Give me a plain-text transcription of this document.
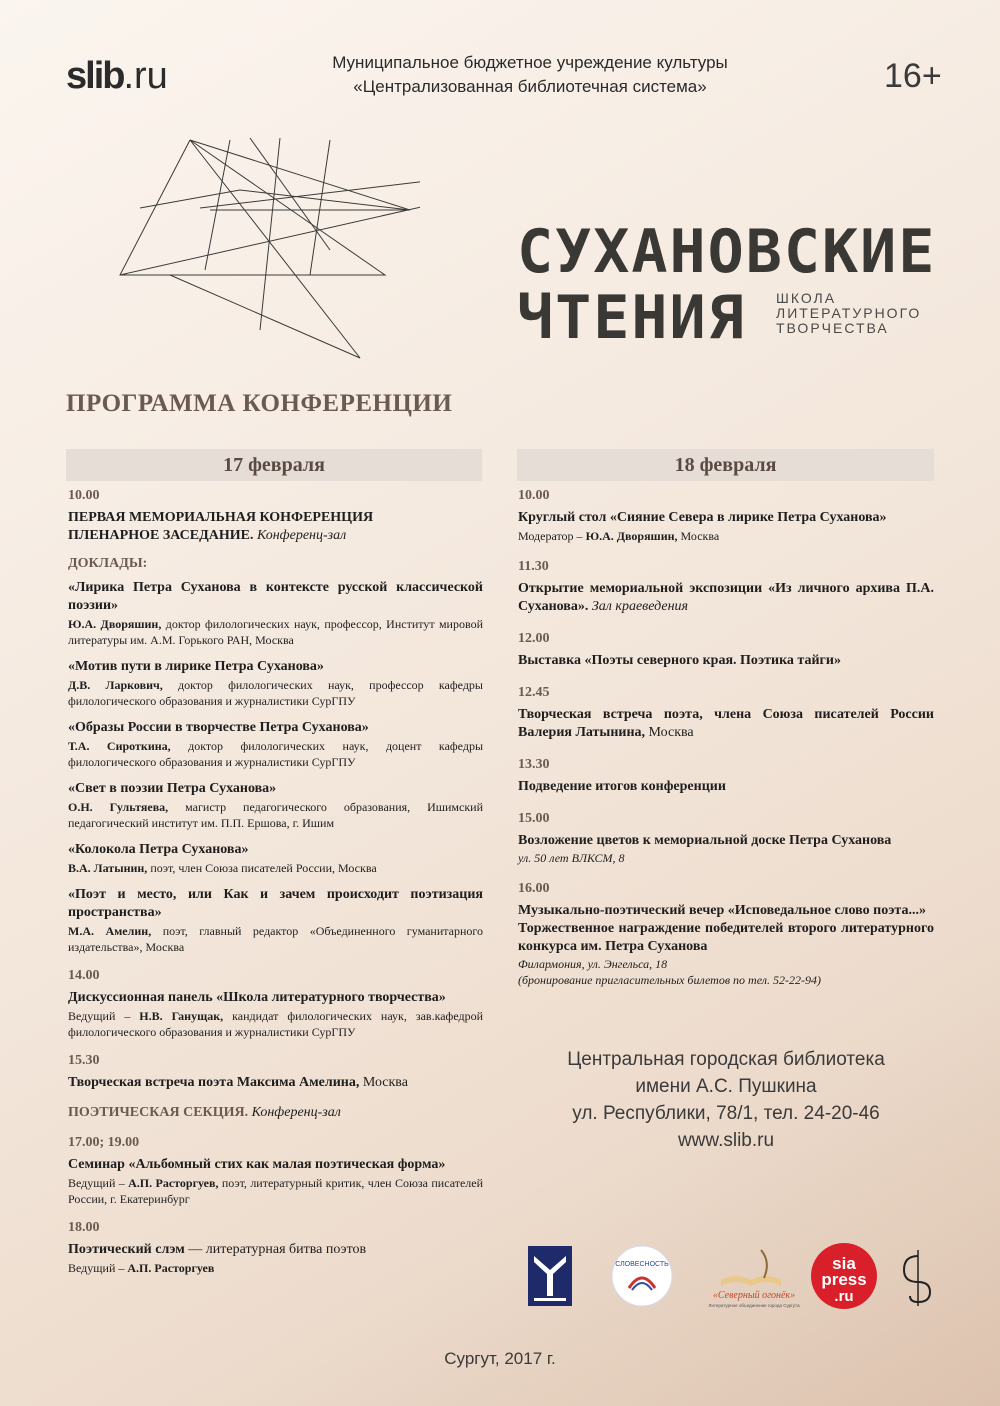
slib .ru	Муниципальное бюджетное учреждение культуры
«Централизованная библиотечная система»	16+
СУХАНОВСКИЕ
ЧТЕНИЯ ШКОЛА
ЛИТЕРАТУРНОГО
ТВОРЧЕСТВА
ПРОГРАММА КОНФЕРЕНЦИИ
17 февраля	18 февраля
10.00
ПЕРВАЯ МЕМОРИАЛЬНАЯ КОНФЕРЕНЦИЯ
ПЛЕНАРНОЕ ЗАСЕДАНИЕ. Конференц-зал
ДОКЛАДЫ:
«Лирика Петра Суханова в контексте русской классической поэзии»
Ю.А. Дворяшин, доктор филологических наук, профессор, Институт мировой литературы им. А.М. Горького РАН, Москва
«Мотив пути в лирике Петра Суханова»
Д.В. Ларкович, доктор филологических наук, профессор кафедры филологического образования и журналистики СурГПУ
«Образы России в творчестве Петра Суханова»
Т.А. Сироткина, доктор филологических наук, доцент кафедры филологического образования и журналистики СурГПУ
«Свет в поэзии Петра Суханова»
О.Н. Гультяева, магистр педагогического образования, Ишимский педагогический институт им. П.П. Ершова, г. Ишим
«Колокола Петра Суханова»
В.А. Латынин, поэт, член Союза писателей России, Москва
«Поэт и место, или Как и зачем происходит поэтизация пространства»
М.А. Амелин, поэт, главный редактор «Объединенного гуманитарного издательства», Москва
14.00
Дискуссионная панель «Школа литературного творчества»
Ведущий – Н.В. Ганущак, кандидат филологических наук, зав.кафедрой филологического образования и журналистики СурГПУ
15.30
Творческая встреча поэта Максима Амелина, Москва
ПОЭТИЧЕСКАЯ СЕКЦИЯ. Конференц-зал
17.00; 19.00
Семинар «Альбомный стих как малая поэтическая форма»
Ведущий – А.П. Расторгуев, поэт, литературный критик, член Союза писателей России, г. Екатеринбург
18.00
Поэтический слэм — литературная битва поэтов
Ведущий – А.П. Расторгуев
10.00
Круглый стол «Сияние Севера в лирике Петра Суханова»
Модератор – Ю.А. Дворяшин, Москва
11.30
Открытие мемориальной экспозиции «Из личного архива П.А. Суханова». Зал краеведения
12.00
Выставка «Поэты северного края. Поэтика тайги»
12.45
Творческая встреча поэта, члена Союза писателей России Валерия Латынина, Москва
13.30
Подведение итогов конференции
15.00
Возложение цветов к мемориальной доске Петра Суханова
ул. 50 лет ВЛКСМ, 8
16.00
Музыкально-поэтический вечер «Исповедальное слово поэта...»
Торжественное награждение победителей второго литературного конкурса им. Петра Суханова
Филармония, ул. Энгельса, 18
(бронирование пригласительных билетов по тел. 52-22-94)
Центральная городская библиотека
имени А.С. Пушкина
ул. Республики, 78/1, тел. 24-20-46
www.slib.ru
СЛОВЕСНОСТЬ
«Северный огонёк»
Литературное объединение города Сургута
sia
press
.ru
Сургут, 2017 г.
